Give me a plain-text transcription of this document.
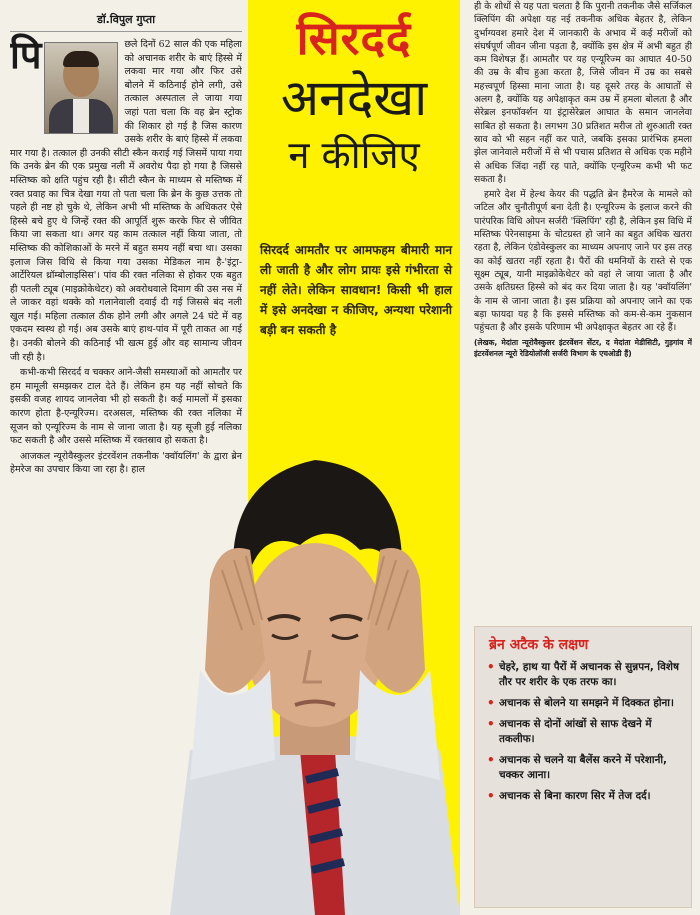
डॉ.विपुल गुप्ता
पि	छले दिनों 62 साल की एक महिला को अचानक शरीर के बाएं हिस्से में लकवा मार गया और फिर उसे बोलने में कठिनाई होने लगी, उसे तत्काल अस्पताल ले जाया गया जहां पता चला कि वह ब्रेन स्ट्रोक की शिकार हो गई है जिस कारण उसके शरीर के बाएं हिस्से में लकवा मार गया है। तत्काल ही उनकी सीटी स्कैन कराई गई जिसमें पाया गया कि उनके ब्रेन की एक प्रमुख नली में अवरोध पैदा हो गया है जिससे मस्तिष्क को क्षति पहुंच रही है। सीटी स्कैन के माध्यम से मस्तिष्क में रक्त प्रवाह का चित्र देखा गया तो पता चला कि ब्रेन के कुछ उत्तक तो पहले ही नष्ट हो चुके थे, लेकिन अभी भी मस्तिष्क के अधिकतर ऐसे हिस्से बचे हुए थे जिन्हें रक्त की आपूर्ति शुरू करके फिर से जीवित किया जा सकता था। अगर यह काम तत्काल नहीं किया जाता, तो मस्तिष्क की कोशिकाओं के मरने में बहुत समय नहीं बचा था। उसका इलाज जिस विधि से किया गया उसका मेडिकल नाम है-'इंट्रा-आर्टेरियल थ्रॉम्बोलाइसिस'। पांव की रक्त नलिका से होकर एक बहुत ही पतली ट्यूब (माइक्रोकेथेटर) को अवरोधवाले दिमाग की उस नस में ले जाकर वहां थक्के को गलानेवाली दवाई दी गई जिससे बंद नली खुल गई। महिला तत्काल ठीक होने लगी और अगले 24 घंटे में वह एकदम स्वस्थ हो गई। अब उसके बाएं हाथ-पांव में पूरी ताकत आ गई है। उनकी बोलने की कठिनाई भी खत्म हुई और वह सामान्य जीवन जी रही है।

कभी-कभी सिरदर्द व चक्कर आने-जैसी समस्याओं को आमतौर पर हम मामूली समझकर टाल देते हैं। लेकिन हम यह नहीं सोचते कि इसकी वजह शायद जानलेवा भी हो सकती है। कई मामलों में इसका कारण होता है-एन्यूरिज्म। दरअसल, मस्तिष्क की रक्त नलिका में सूजन को एन्यूरिज्म के नाम से जाना जाता है। यह सूजी हुई नलिका फट सकती है और उससे मस्तिष्क में रक्तस्राव हो सकता है।

आजकल न्यूरोवैस्कुलर इंटरवेंशन तकनीक 'क्वॉयलिंग' के द्वारा ब्रेन हेमरेज का उपचार किया जा रहा है। हाल

सिरदर्द
अनदेखा
न कीजिए
सिरदर्द आमतौर पर आमफहम बीमारी मान ली जाती है और लोग प्रायः इसे गंभीरता से नहीं लेते। लेकिन सावधान! किसी भी हाल में इसे अनदेखा न कीजिए, अन्यथा परेशानी बड़ी बन सकती है

ही के शोधों से यह पता चलता है कि पुरानी तकनीक जैसे सर्जिकल क्लिपिंग की अपेक्षा यह नई तकनीक अधिक बेहतर है, लेकिन दुर्भाग्यवश हमारे देश में जानकारी के अभाव में कई मरीजों को संघर्षपूर्ण जीवन जीना पड़ता है, क्योंकि इस क्षेत्र में अभी बहुत ही कम विशेषज्ञ हैं। आमतौर पर यह एन्यूरिज्म का आघात 40-50 की उम्र के बीच हुआ करता है, जिसे जीवन में उम्र का सबसे महत्त्वपूर्ण हिस्सा माना जाता है। यह दूसरे तरह के आघातों से अलग है, क्योंकि यह अपेक्षाकृत कम उम्र में हमला बोलता है और सेरेब्रल इनफॉर्क्शन या इंट्रासेरेब्रल आघात के समान जानलेवा साबित हो सकता है। लगभग 30 प्रतिशत मरीज तो शुरुआती रक्त स्राव को भी सहन नहीं कर पाते, जबकि इसका प्रारंभिक हमला झेल जानेवाले मरीजों में से भी पचास प्रतिशत से अधिक एक महीने से अधिक जिंदा नहीं रह पाते, क्योंकि एन्यूरिज्म कभी भी फट सकता है।

हमारे देश में हेल्थ केयर की पद्धति ब्रेन हैमरेज के मामले को जटिल और चुनौतीपूर्ण बना देती है। एन्यूरिज्म के इलाज करने की पारंपरिक विधि ओपन सर्जरी 'क्लिपिंग' रही है, लेकिन इस विधि में मस्तिष्क पेरेनसाइमा के चोटग्रस्त हो जाने का बहुत अधिक खतरा रहता है, लेकिन एंडोवेस्कुलर का माध्यम अपनाए जाने पर इस तरह का कोई खतरा नहीं रहता है। पैरों की धमनियों के रास्ते से एक सूक्ष्म ट्यूब, यानी माइक्रोकेथेटर को वहां ले जाया जाता है और उसके क्षतिग्रस्त हिस्से को बंद कर दिया जाता है। यह 'क्वॉयलिंग' के नाम से जाना जाता है। इस प्रक्रिया को अपनाए जाने का एक बड़ा फायदा यह है कि इससे मस्तिष्क को कम-से-कम नुकसान पहुंचता है और इसके परिणाम भी अपेक्षाकृत बेहतर आ रहे हैं।

(लेखक, मेदांता न्यूरोवैस्कुलर इंटरवेंशन सेंटर, द मेदांता मेडीसिटी, गुड़गांव में इंटरवेंशनल न्यूरो रेडियोलॉजी सर्जरी विभाग के एचओडी हैं)
ब्रेन अटैक के लक्षण
• चेहरे, हाथ या पैरों में अचानक से सुन्नपन, विशेष तौर पर शरीर के एक तरफ का।
• अचानक से बोलने या समझने में दिक्कत होना।
• अचानक से दोनों आंखों से साफ देखने में तकलीफ।
• अचानक से चलने या बैलेंस करने में परेशानी, चक्कर आना।
• अचानक से बिना कारण सिर में तेज दर्द।
